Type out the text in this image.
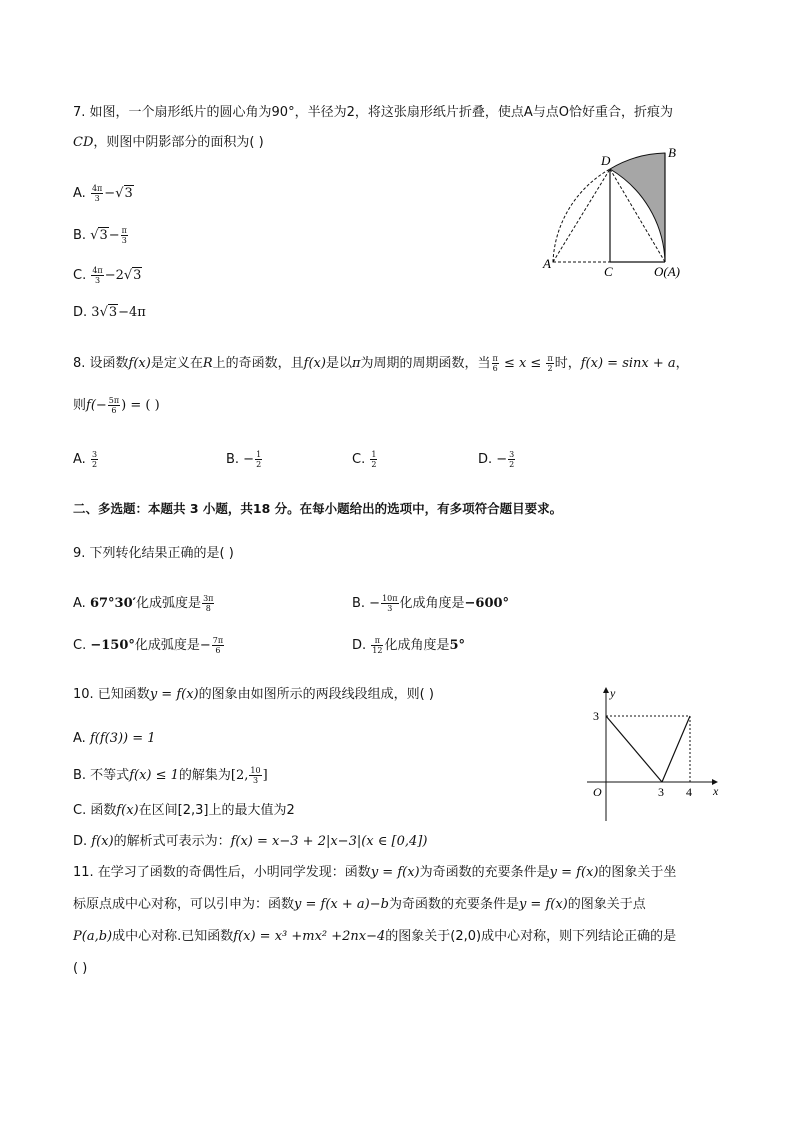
7. 如图，一个扇形纸片的圆心角为90°，半径为2，将这张扇形纸片折叠，使点A与点O恰好重合，折痕为
CD，则图中阴影部分的面积为( )
A. $\frac{4\pi}{3} -√3$
B. $√3- \frac{\pi}{3}$
C. $\frac{4\pi}{3} -2√3$
D. 3√3−4π
D
B
A'
C	O(A)
8. 设函数f(x)是定义在R上的奇函数，且f(x)是以π为周期的周期函数，当 $\frac{\pi}{6} \le x \le \frac{\pi}{2}$ 时，f(x) = sinx + a，
则$f(- \frac{5\pi}{6}$ ) = ( )
A. $\frac{3}{2}$	B. − $\frac{1}{2}$	C. $\frac{1}{2}$	D. − $\frac{3}{2}$
二、多选题：本题共 3 小题，共18 分。在每小题给出的选项中，有多项符合题目要求。
9. 下列转化结果正确的是( )
A. 67°30′化成弧度是 $\frac{3\pi}{8}$	B. − $\frac{10\pi}{3}$ 化成角度是−600°
C. −150°化成弧度是− $\frac{7\pi}{6}$	D. $\frac{\pi}{12}$ 化成角度是5°
10. 已知函数y = f(x)的图象由如图所示的两段线段组成，则( )
A. f(f(3)) = 1
B. 不等式f(x) ≤ 1的解集为[2, $\frac{10}{3}$ ]
C. 函数f(x)在区间[2,3]上的最大值为2
D. f(x)的解析式可表示为：f(x) = x−3 + 2|x−3|(x ∈ [0,4])
y
x
O
3
3 4
11. 在学习了函数的奇偶性后，小明同学发现：函数y = f(x)为奇函数的充要条件是y = f(x)的图象关于坐
标原点成中心对称，可以引申为：函数y = f(x + a)−b为奇函数的充要条件是y = f(x)的图象关于点
P(a,b)成中心对称.已知函数f(x) = x³ +mx² +2nx−4的图象关于(2,0)成中心对称，则下列结论正确的是
( )
